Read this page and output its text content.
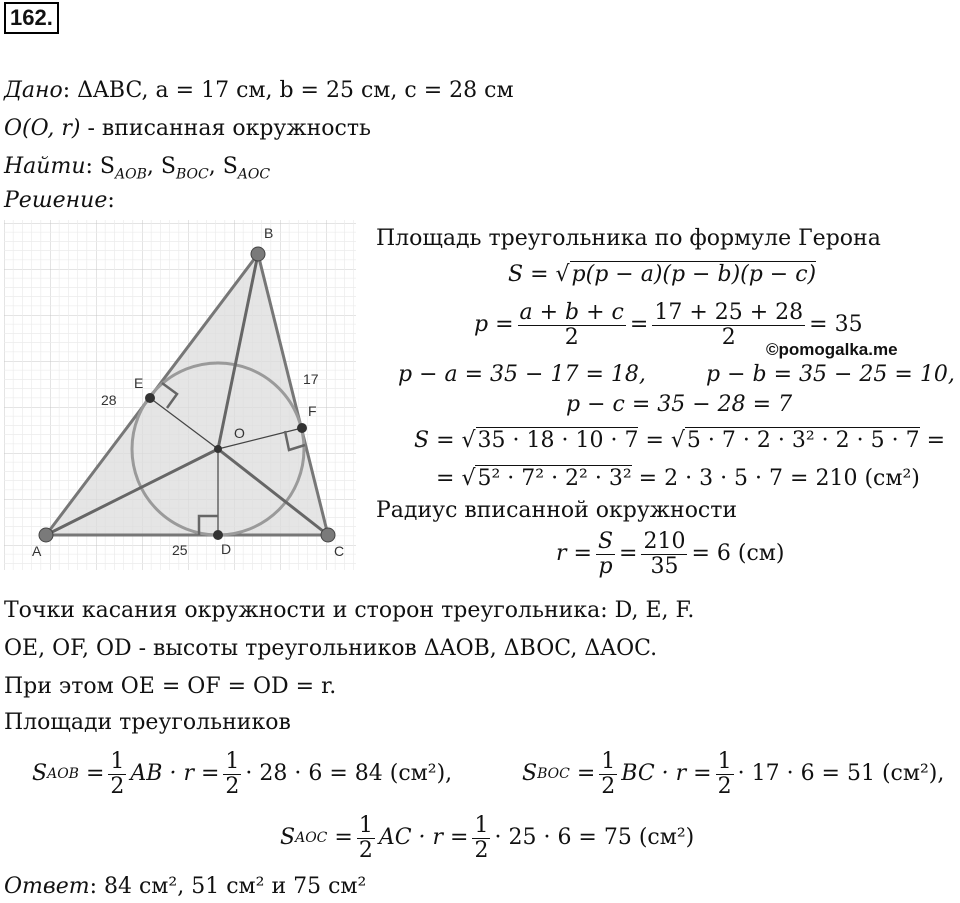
162.
Дано: ΔABC, a = 17 см, b = 25 см, c = 28 см
O(O, r) - вписанная окружность
Найти: $S_{AOB}$, $S_{BOC}$, $S_{AOC}$
Решение:
A
B
C
D
E
F
O
28
17
25
Площадь треугольника по формуле Герона
S = √p(p − a)(p − b)(p − c)
$p = \frac{a + b + c}{2} = \frac{17 + 25 + 28}{2} = 35$
©pomogalka.me
p − a = 35 − 17 = 18,	p − b = 35 − 25 = 10,
p − c = 35 − 28 = 7
S = √35 · 18 · 10 · 7 = √5 · 7 · 2 · 3² · 2 · 5 · 7 =
= √5² · 7² · 2² · 3² = 2 · 3 · 5 · 7 = 210 (см²)
Радиус вписанной окружности
$r = \frac{S}{p} = \frac{210}{35} = 6$ (см)
Точки касания окружности и сторон треугольника: D, E, F.
OE, OF, OD - высоты треугольников ΔAOB, ΔBOC, ΔAOC.
При этом OE = OF = OD = r.
Площади треугольников
S AOB = $\frac{1}{2}$ AB · $r = \frac{1}{2} \cdot 28 \cdot 6 = 84$ (см²),	S BOC = $\frac{1}{2}$ BC · $r = \frac{1}{2} \cdot 17 \cdot 6 = 51$ (см²),
S AOC = $\frac{1}{2}$ AC · $r = \frac{1}{2} \cdot 25 \cdot 6 = 75$ (см²)
Ответ: 84 см², 51 см² и 75 см²
